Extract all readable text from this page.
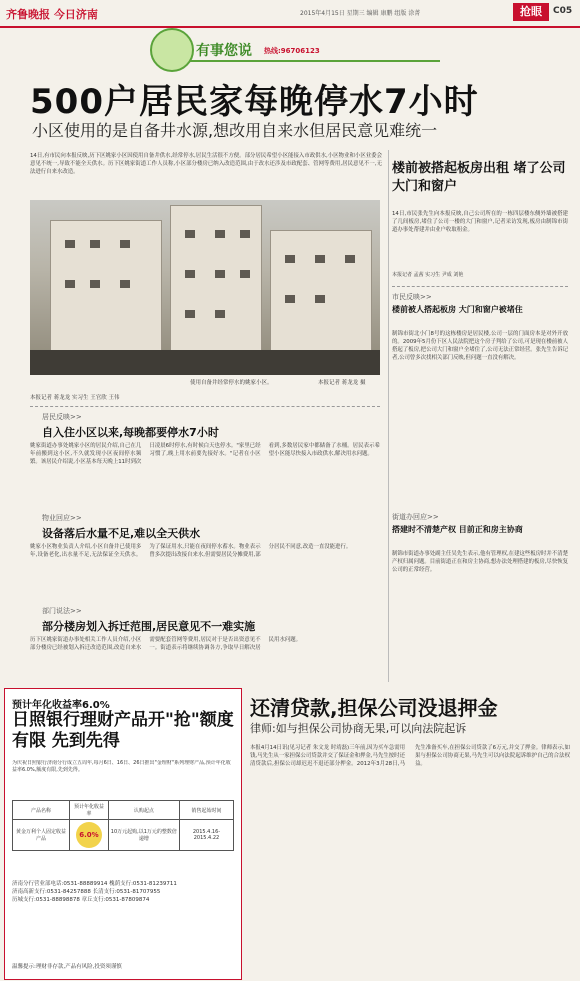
齐鲁晚报 今日济南	2015年4月15日 星期三 编辑 康鹏 组版 涂菁	抢眼	C05
有事您说 热线:96706123
500户居民家每晚停水7小时
小区使用的是自备井水源,想改用自来水但居民意见难统一
14日,有市民向本报反映,历下区姚家小区因使用自备井供水,经常停水,居民生活很不方便。部分居民希望小区能接入市政供水,小区物业和小区业委会意见不统一,导致不能全天供水。历下区姚家街道工作人员称,小区部分楼房已纳入改造范围,由于改水还涉及市政配套、管网等费用,居民意见不一,无法进行自来水改造。
使用自备井经常停水的姚家小区。	本报记者 蒋龙龙 摄
本报记者 蒋龙龙 实习生 王官欣 王伟
居民反映>>
自入住小区以来,每晚都要停水7小时
姚家街道办事处姚家小区的居民介绍,自己在几年前搬到这小区,不久就发现小区夜间停水频繁。该居民介绍说,小区基本每天晚上11时到次日凌晨6时停水,有时候白天也停水。"家里已经习惯了,晚上用水前要先接好水。"记者在小区看到,多数居民家中都储备了水桶。居民表示希望小区能尽快接入市政供水,解决用水问题。
物业回应>>
设备落后水量不足,难以全天供水
姚家小区物业负责人介绍,小区自备井已使用多年,设备老化,出水量不足,无法保证全天供水。为了保证用水,只能在夜间停水蓄水。物业表示曾多次提出改接自来水,但需要居民分摊费用,部分居民不同意,改造一直没能进行。
部门说法>>
部分楼房划入拆迁范围,居民意见不一难实施
历下区姚家街道办事处相关工作人员介绍,小区部分楼房已经被划入拆迁改造范围,改造自来水需要配套管网等费用,居民对于是否出资意见不一。街道表示将继续协调各方,争取早日解决居民用水问题。
楼前被搭起板房出租 堵了公司大门和窗户
14日,市民张先生向本报反映,自己公司所在的一栋四层楼东侧外墙被搭建了几间板房,堵住了公司一楼的大门和窗户,记者采访发现,板房由制锦市街道办事处帮建并由业户收取租金。
本报记者 孟茜 实习生 尹成 刘艳
市民反映>>
楼前被人搭起板房 大门和窗户被堵住
制锦市街北小门8号的这栋楼房是居民楼,公司一层的门面房本是对外开放的。2009年5月份下区人民法院把这个房子判给了公司,可是现在楼前被人搭起了板房,把公司大门和窗户全堵住了,公司无法正常经营。张先生告诉记者,公司曾多次找相关部门反映,但问题一直没有解决。
街道办回应>>
搭建时不清楚产权 目前正和房主协商
制锦市街道办事处副主任吴先生表示,他有管理权,在建这些板房时并不清楚产权归属问题。目前街道正在和房主协商,想办法处理搭建的板房,尽快恢复公司的正常经营。
预计年化收益率6.0%
日照银行理财产品开"抢"额度有限 先到先得
为庆祝日照银行济南分行成立五周年,每月6日、16日、26日推出"金理财"系列理财产品,预计年化收益率6.0%,额度有限,先到先得。
产品名称	预计年化收益率	认购起点	销售起始时间
黄金万利个人固定收益产品	6.0%	10万元起购,以1万元的整数倍递增	2015.4.16-2015.4.22
济南分行营业部电话:0531-88889914 槐荫支行:0531-81239711
济南高新支行:0531-84257888 长清支行:0531-81707955
历城支行:0531-88898878 章丘支行:0531-87809874
温馨提示:理财非存款,产品有风险,投资须谨慎
还清贷款,担保公司没退押金
律师:如与担保公司协商无果,可以向法院起诉
本报4月14日讯(见习记者 朱文龙 时靖磊)三年前,因为买车急需用钱,马先生从一家担保公司贷款并交了保证金和押金,马先生按时还清贷款后,担保公司却迟迟不退还部分押金。2012年3月28日,马先生准备买车,在担保公司贷款了6万元,并交了押金。律师表示,如果与担保公司协商无果,马先生可以向法院起诉维护自己的合法权益。
